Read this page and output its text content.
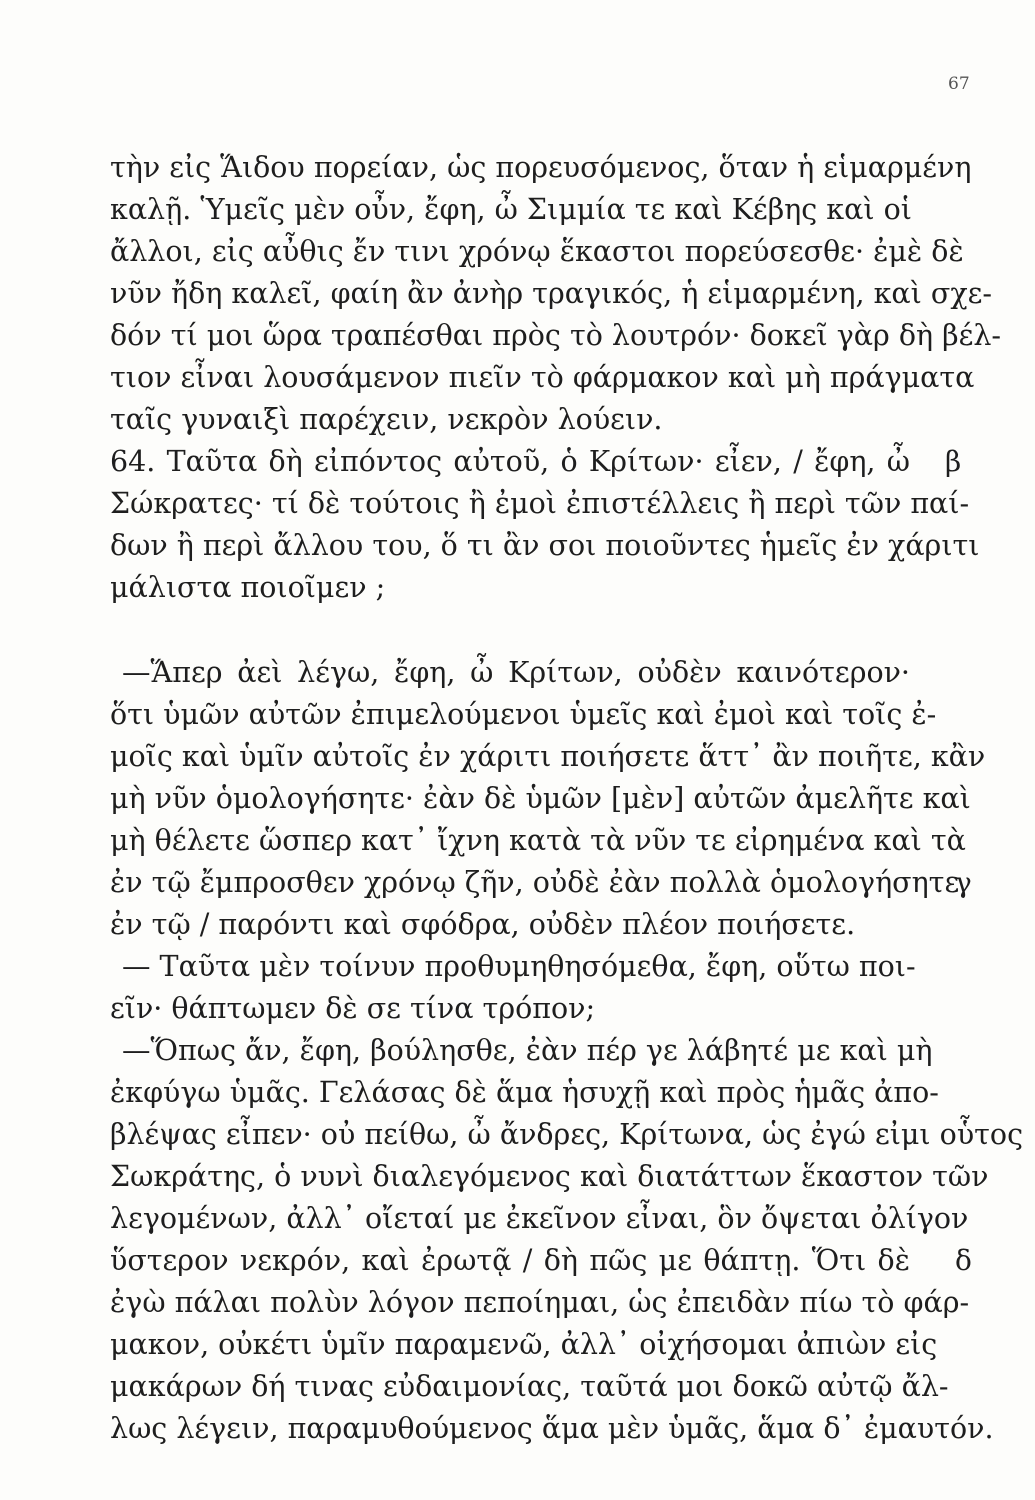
67
τὴν εἰς Ἅιδου πορείαν, ὡς πορευσόμενος, ὅταν ἡ εἱμαρμένη
καλῇ. Ὑμεῖς μὲν οὖν, ἔφη, ὦ Σιμμία τε καὶ Κέβης καὶ οἱ
ἄλλοι, εἰς αὖθις ἔν τινι χρόνῳ ἕκαστοι πορεύσεσθε· ἐμὲ δὲ
νῦν ἤδη καλεῖ, φαίη ἂν ἀνὴρ τραγικός, ἡ εἱμαρμένη, καὶ σχε-
δόν τί μοι ὥρα τραπέσθαι πρὸς τὸ λουτρόν· δοκεῖ γὰρ δὴ βέλ-
τιον εἶναι λουσάμενον πιεῖν τὸ φάρμακον καὶ μὴ πράγματα
ταῖς γυναιξὶ παρέχειν, νεκρὸν λούειν.
64. Ταῦτα δὴ εἰπόντος αὐτοῦ, ὁ Κρίτων· εἶεν, / ἔφη, ὦ
Σώκρατες· τί δὲ τούτοις ἢ ἐμοὶ ἐπιστέλλεις ἢ περὶ τῶν παί-
δων ἢ περὶ ἄλλου του, ὅ τι ἂν σοι ποιοῦντες ἡμεῖς ἐν χάριτι
μάλιστα ποιοῖμεν ;
—Ἅπερ ἀεὶ λέγω, ἔφη, ὦ Κρίτων, οὐδὲν καινότερον·
ὅτι ὑμῶν αὐτῶν ἐπιμελούμενοι ὑμεῖς καὶ ἐμοὶ καὶ τοῖς ἐ-
μοῖς καὶ ὑμῖν αὐτοῖς ἐν χάριτι ποιήσετε ἅττ᾿ ἂν ποιῆτε, κἂν
μὴ νῦν ὁμολογήσητε· ἐὰν δὲ ὑμῶν [μὲν] αὐτῶν ἀμελῆτε καὶ
μὴ θέλετε ὥσπερ κατ᾿ ἴχνη κατὰ τὰ νῦν τε εἰρημένα καὶ τὰ
ἐν τῷ ἔμπροσθεν χρόνῳ ζῆν, οὐδὲ ἐὰν πολλὰ ὁμολογήσητε
ἐν τῷ / παρόντι καὶ σφόδρα, οὐδὲν πλέον ποιήσετε.
— Ταῦτα μὲν τοίνυν προθυμηθησόμεθα, ἔφη, οὕτω ποι-
εῖν· θάπτωμεν δὲ σε τίνα τρόπον;
—Ὅπως ἄν, ἔφη, βούλησθε, ἐὰν πέρ γε λάβητέ με καὶ μὴ
ἐκφύγω ὑμᾶς. Γελάσας δὲ ἅμα ἡσυχῇ καὶ πρὸς ἡμᾶς ἀπο-
βλέψας εἶπεν· οὐ πείθω, ὦ ἄνδρες, Κρίτωνα, ὡς ἐγώ εἰμι οὗτος
Σωκράτης, ὁ νυνὶ διαλεγόμενος καὶ διατάττων ἕκαστον τῶν
λεγομένων, ἀλλ᾿ οἴεταί με ἐκεῖνον εἶναι, ὃν ὄψεται ὀλίγον
ὕστερον νεκρόν, καὶ ἐρωτᾷ / δὴ πῶς με θάπτῃ. Ὅτι δὲ
ἐγὼ πάλαι πολὺν λόγον πεποίημαι, ὡς ἐπειδὰν πίω τὸ φάρ-
μακον, οὐκέτι ὑμῖν παραμενῶ, ἀλλ᾿ οἰχήσομαι ἀπιὼν εἰς
μακάρων δή τινας εὐδαιμονίας, ταῦτά μοι δοκῶ αὐτῷ ἄλ-
λως λέγειν, παραμυθούμενος ἅμα μὲν ὑμᾶς, ἅμα δ᾿ ἐμαυτόν.
β
γ
δ
